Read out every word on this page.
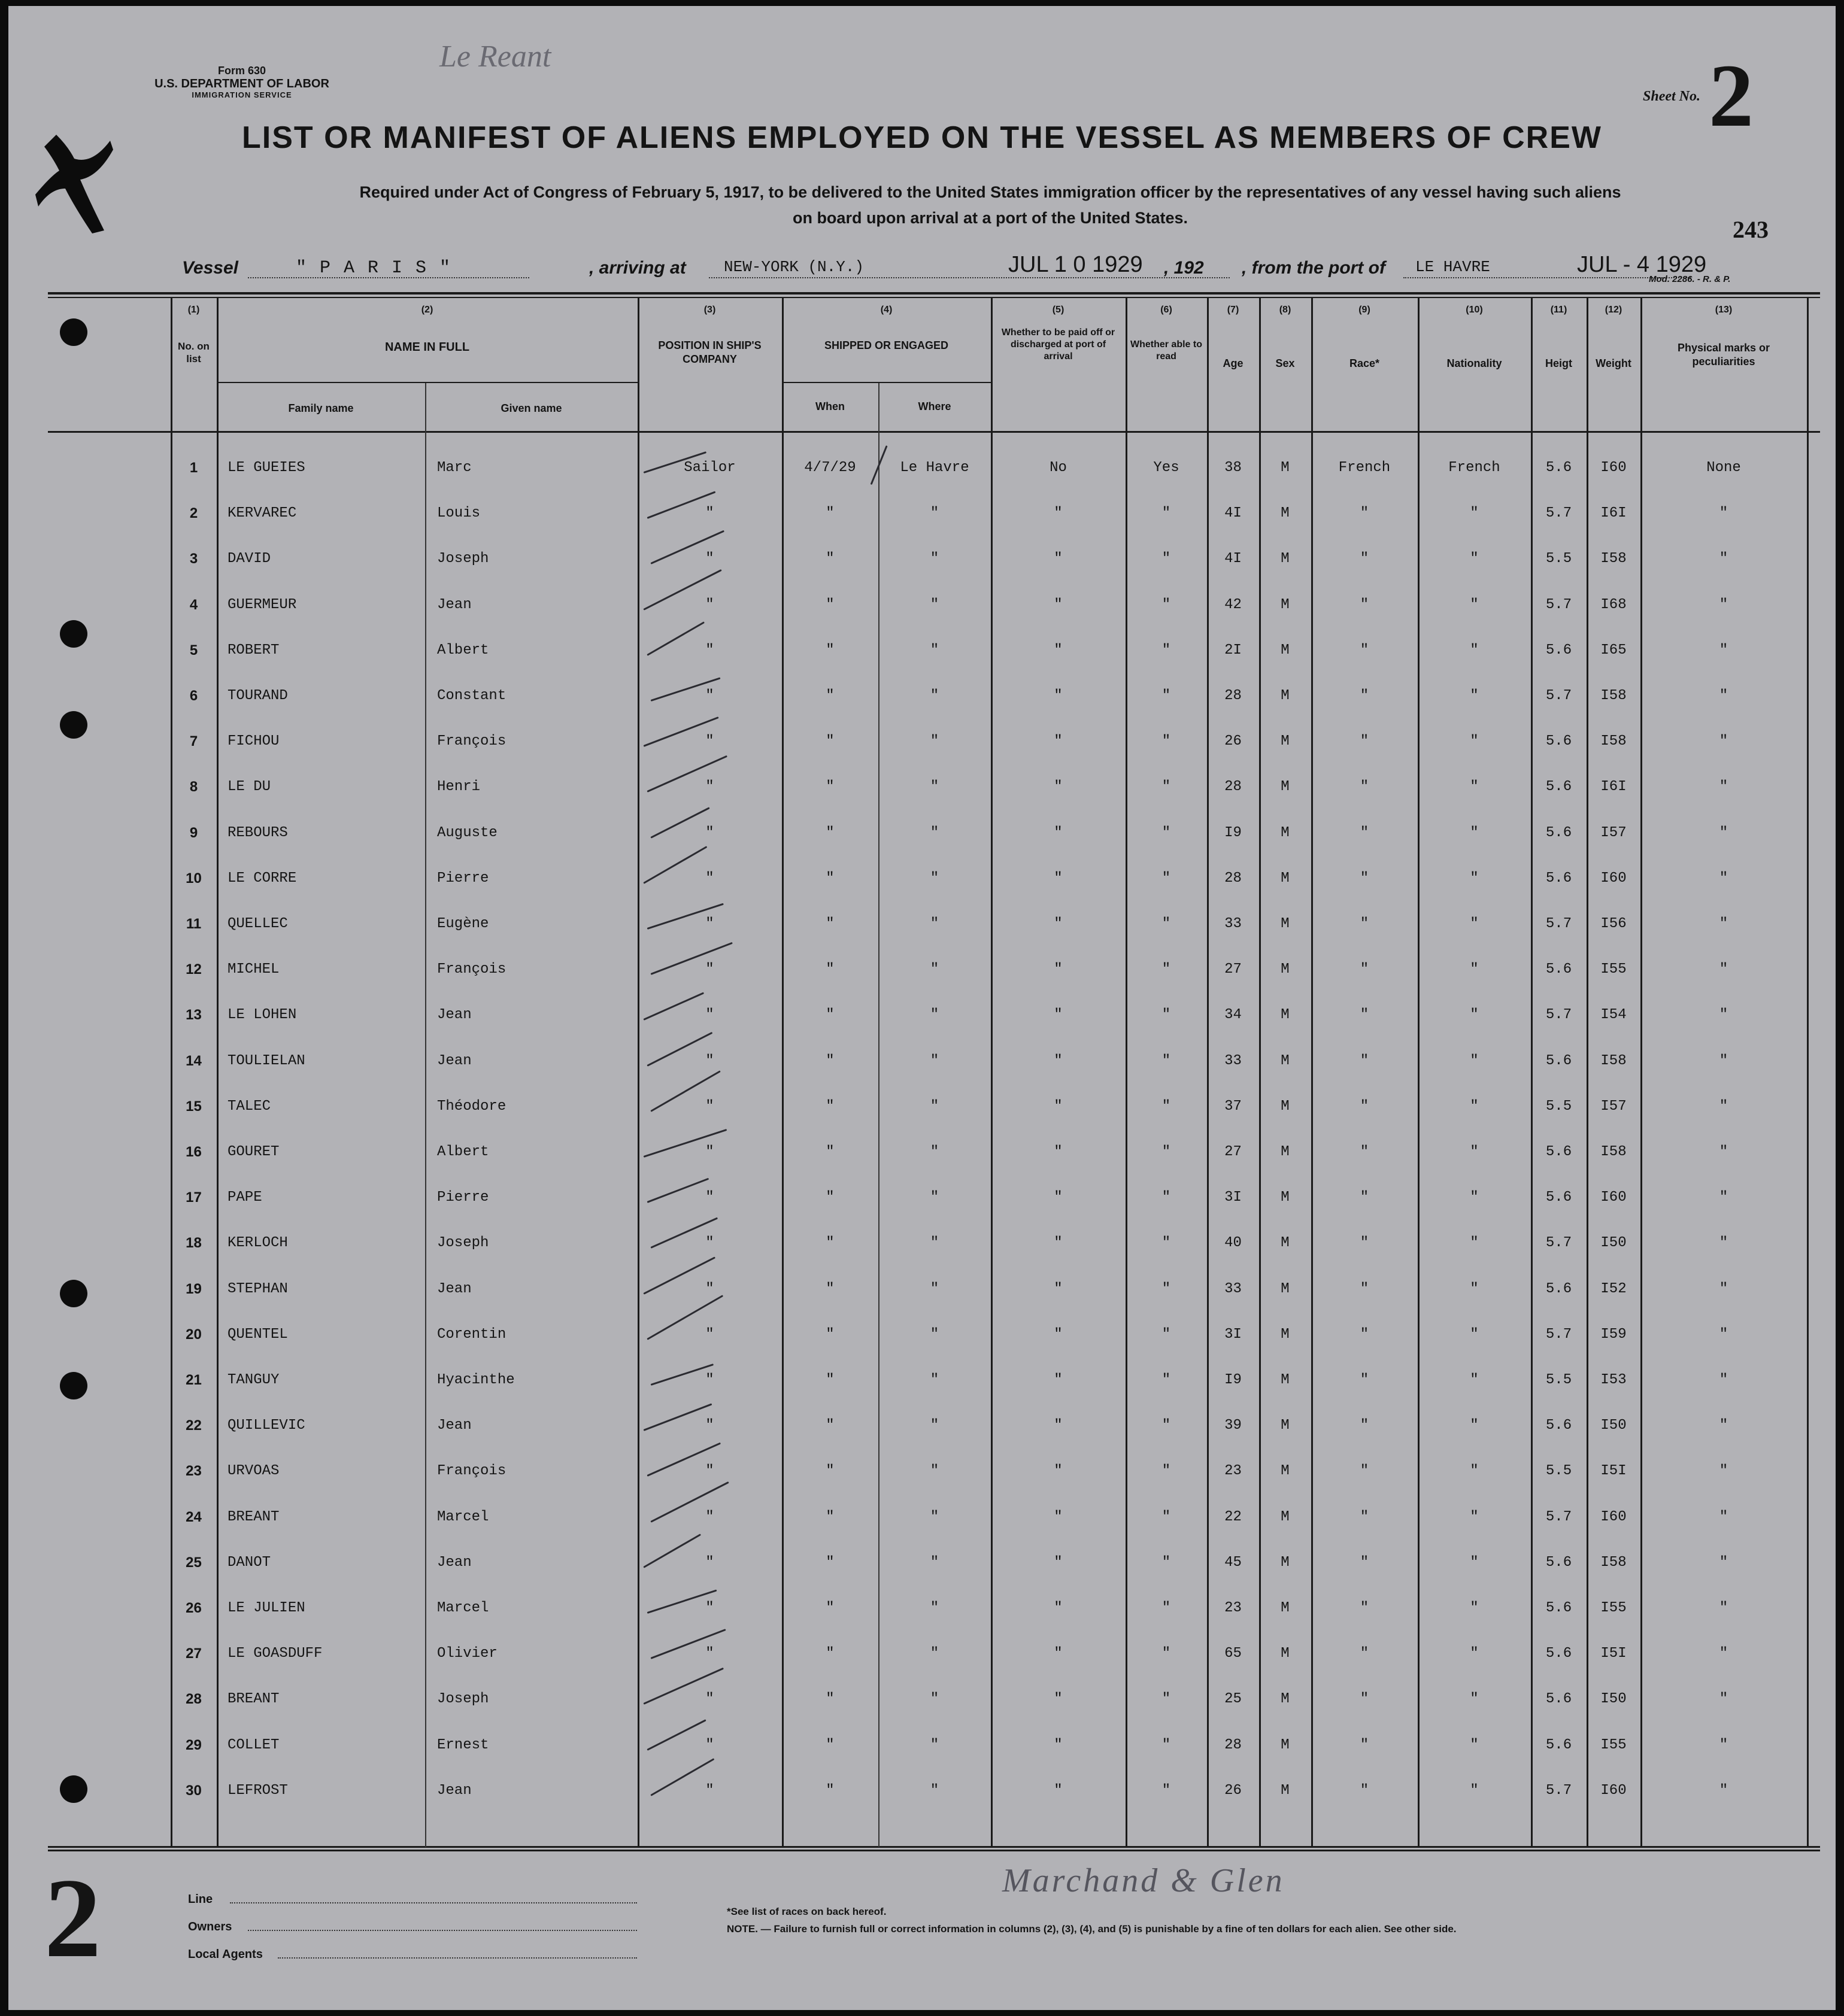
Form 630
U.S. DEPARTMENT OF LABOR
IMMIGRATION SERVICE
Le Reant
Sheet No. 2
LIST OR MANIFEST OF ALIENS EMPLOYED ON THE VESSEL AS MEMBERS OF CREW
Required under Act of Congress of February 5, 1917, to be delivered to the United States immigration officer by the representatives of any vessel having such aliens
on board upon arrival at a port of the United States.	243
Vessel	" P A R I S "	, arriving at NEW-YORK (N.Y.)	JUL 1 0 1929 , 192 , from the port of LE HAVRE	JUL - 4 1929
Mod. 2286. - R. & P.
(1)
No. on list
(2)
NAME IN FULL
Family name	Given name
(3)
POSITION IN SHIP'S COMPANY
(4)
SHIPPED OR ENGAGED
When	Where
(5)
Whether to be paid off or discharged at port of arrival
(6)
Whether able to read
(7)
Age
(8)
Sex
(9)
Race*
(10)
Nationality
(11)
Heigt
(12)
Weight
(13)
Physical marks or peculiarities
1	LE GUEIES	Marc	Sailor	4/7/29	Le Havre	No	Yes	38	M	French	French	5.6	I60	None
2	KERVAREC	Louis	"	"	"	"	"	4I	M	"	"	5.7	I6I	"
3	DAVID	Joseph	"	"	"	"	"	4I	M	"	"	5.5	I58	"
4	GUERMEUR	Jean	"	"	"	"	"	42	M	"	"	5.7	I68	"
5	ROBERT	Albert	"	"	"	"	"	2I	M	"	"	5.6	I65	"
6	TOURAND	Constant	"	"	"	"	"	28	M	"	"	5.7	I58	"
7	FICHOU	François	"	"	"	"	"	26	M	"	"	5.6	I58	"
8	LE DU	Henri	"	"	"	"	"	28	M	"	"	5.6	I6I	"
9	REBOURS	Auguste	"	"	"	"	"	I9	M	"	"	5.6	I57	"
10	LE CORRE	Pierre	"	"	"	"	"	28	M	"	"	5.6	I60	"
11	QUELLEC	Eugène	"	"	"	"	"	33	M	"	"	5.7	I56	"
12	MICHEL	François	"	"	"	"	"	27	M	"	"	5.6	I55	"
13	LE LOHEN	Jean	"	"	"	"	"	34	M	"	"	5.7	I54	"
14	TOULIELAN	Jean	"	"	"	"	"	33	M	"	"	5.6	I58	"
15	TALEC	Théodore	"	"	"	"	"	37	M	"	"	5.5	I57	"
16	GOURET	Albert	"	"	"	"	"	27	M	"	"	5.6	I58	"
17	PAPE	Pierre	"	"	"	"	"	3I	M	"	"	5.6	I60	"
18	KERLOCH	Joseph	"	"	"	"	"	40	M	"	"	5.7	I50	"
19	STEPHAN	Jean	"	"	"	"	"	33	M	"	"	5.6	I52	"
20	QUENTEL	Corentin	"	"	"	"	"	3I	M	"	"	5.7	I59	"
21	TANGUY	Hyacinthe	"	"	"	"	"	I9	M	"	"	5.5	I53	"
22	QUILLEVIC	Jean	"	"	"	"	"	39	M	"	"	5.6	I50	"
23	URVOAS	François	"	"	"	"	"	23	M	"	"	5.5	I5I	"
24	BREANT	Marcel	"	"	"	"	"	22	M	"	"	5.7	I60	"
25	DANOT	Jean	"	"	"	"	"	45	M	"	"	5.6	I58	"
26	LE JULIEN	Marcel	"	"	"	"	"	23	M	"	"	5.6	I55	"
27	LE GOASDUFF	Olivier	"	"	"	"	"	65	M	"	"	5.6	I5I	"
28	BREANT	Joseph	"	"	"	"	"	25	M	"	"	5.6	I50	"
29	COLLET	Ernest	"	"	"	"	"	28	M	"	"	5.6	I55	"
30	LEFROST	Jean	"	"	"	"	"	26	M	"	"	5.7	I60	"
2	Line
Owners
Local Agents
Marchand & Glen
*See list of races on back hereof.
NOTE. — Failure to furnish full or correct information in columns (2), (3), (4), and (5) is punishable by a fine of ten dollars for each alien. See other side.
